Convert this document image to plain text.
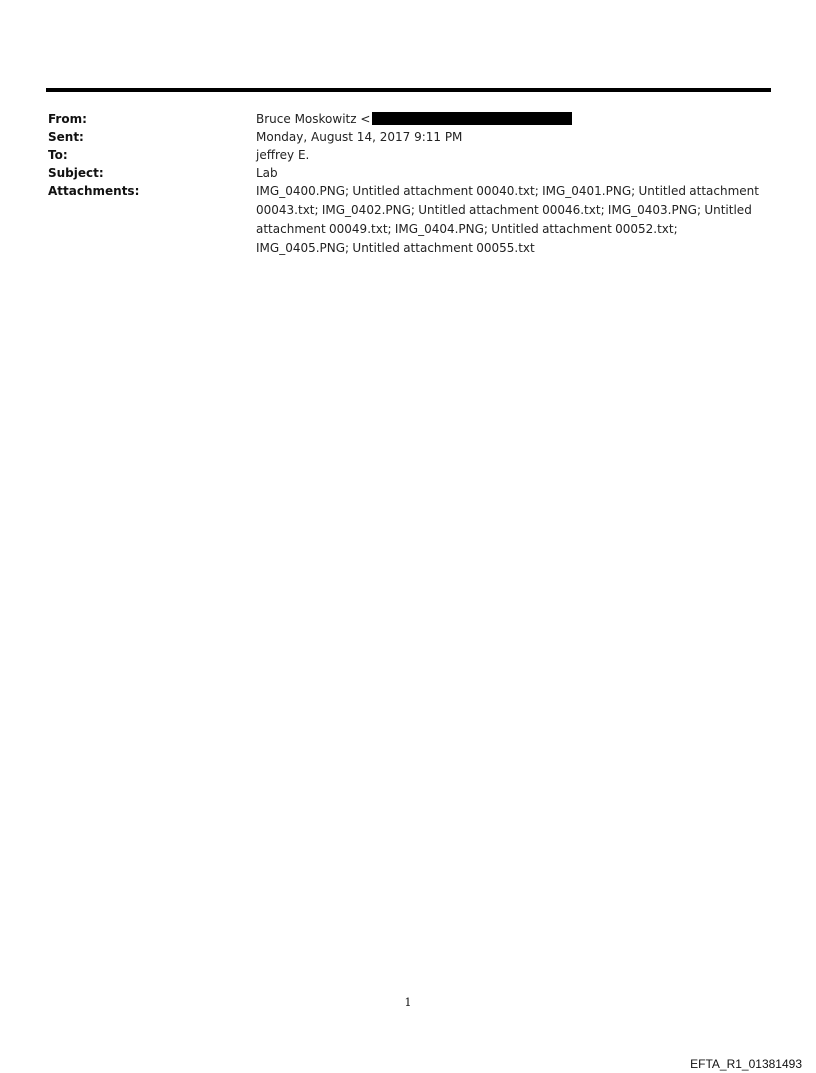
From:	Bruce Moskowitz <
Sent:	Monday, August 14, 2017 9:11 PM
To:	jeffrey E.
Subject:	Lab
Attachments:	IMG_0400.PNG; Untitled attachment 00040.txt; IMG_0401.PNG; Untitled attachment 00043.txt; IMG_0402.PNG; Untitled attachment 00046.txt; IMG_0403.PNG; Untitled attachment 00049.txt; IMG_0404.PNG; Untitled attachment 00052.txt; IMG_0405.PNG; Untitled attachment 00055.txt
1
EFTA_R1_01381493
